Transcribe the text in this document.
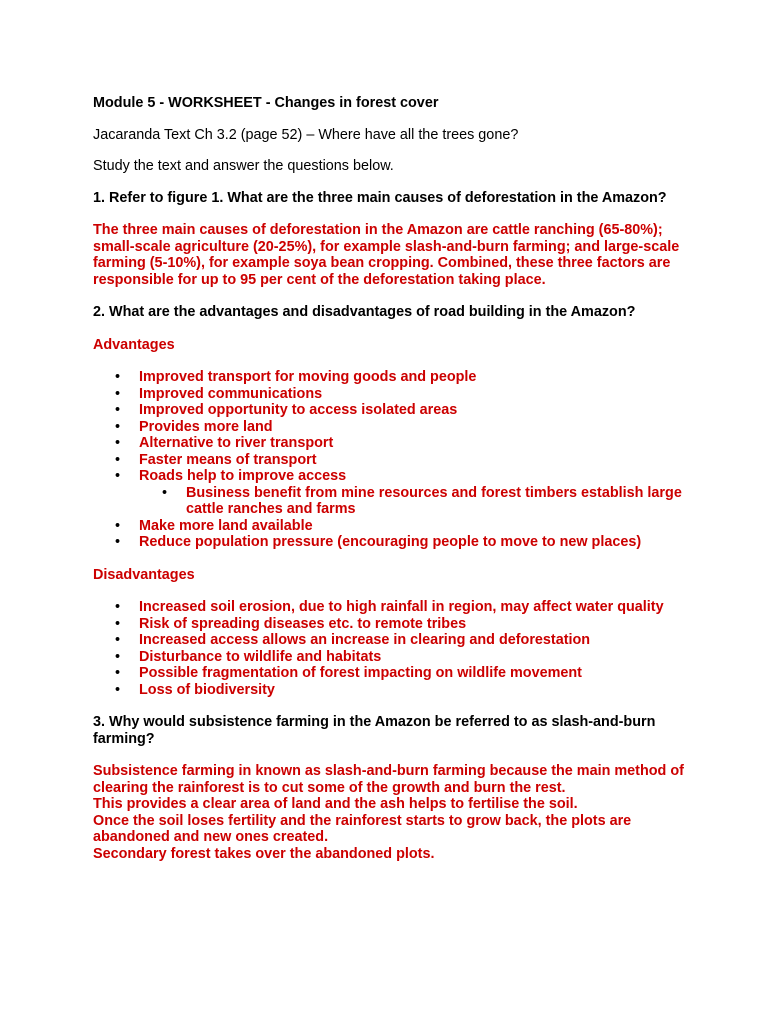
Module 5 - WORKSHEET - Changes in forest cover
Jacaranda Text Ch 3.2 (page 52) – Where have all the trees gone?
Study the text and answer the questions below.
1. Refer to figure 1. What are the three main causes of deforestation in the Amazon?
The three main causes of deforestation in the Amazon are cattle ranching (65-80%); small-scale agriculture (20-25%), for example slash-and-burn farming; and large-scale farming (5-10%), for example soya bean cropping. Combined, these three factors are responsible for up to 95 per cent of the deforestation taking place.
2. What are the advantages and disadvantages of road building in the Amazon?
Advantages
• Improved transport for moving goods and people
• Improved communications
• Improved opportunity to access isolated areas
• Provides more land
• Alternative to river transport
• Faster means of transport
• Roads help to improve access
• Business benefit from mine resources and forest timbers establish large cattle ranches and farms
• Make more land available
• Reduce population pressure (encouraging people to move to new places)
Disadvantages
• Increased soil erosion, due to high rainfall in region, may affect water quality
• Risk of spreading diseases etc. to remote tribes
• Increased access allows an increase in clearing and deforestation
• Disturbance to wildlife and habitats
• Possible fragmentation of forest impacting on wildlife movement
• Loss of biodiversity
3. Why would subsistence farming in the Amazon be referred to as slash-and-burn farming?
Subsistence farming in known as slash-and-burn farming because the main method of clearing the rainforest is to cut some of the growth and burn the rest.
This provides a clear area of land and the ash helps to fertilise the soil.
Once the soil loses fertility and the rainforest starts to grow back, the plots are abandoned and new ones created.
Secondary forest takes over the abandoned plots.
